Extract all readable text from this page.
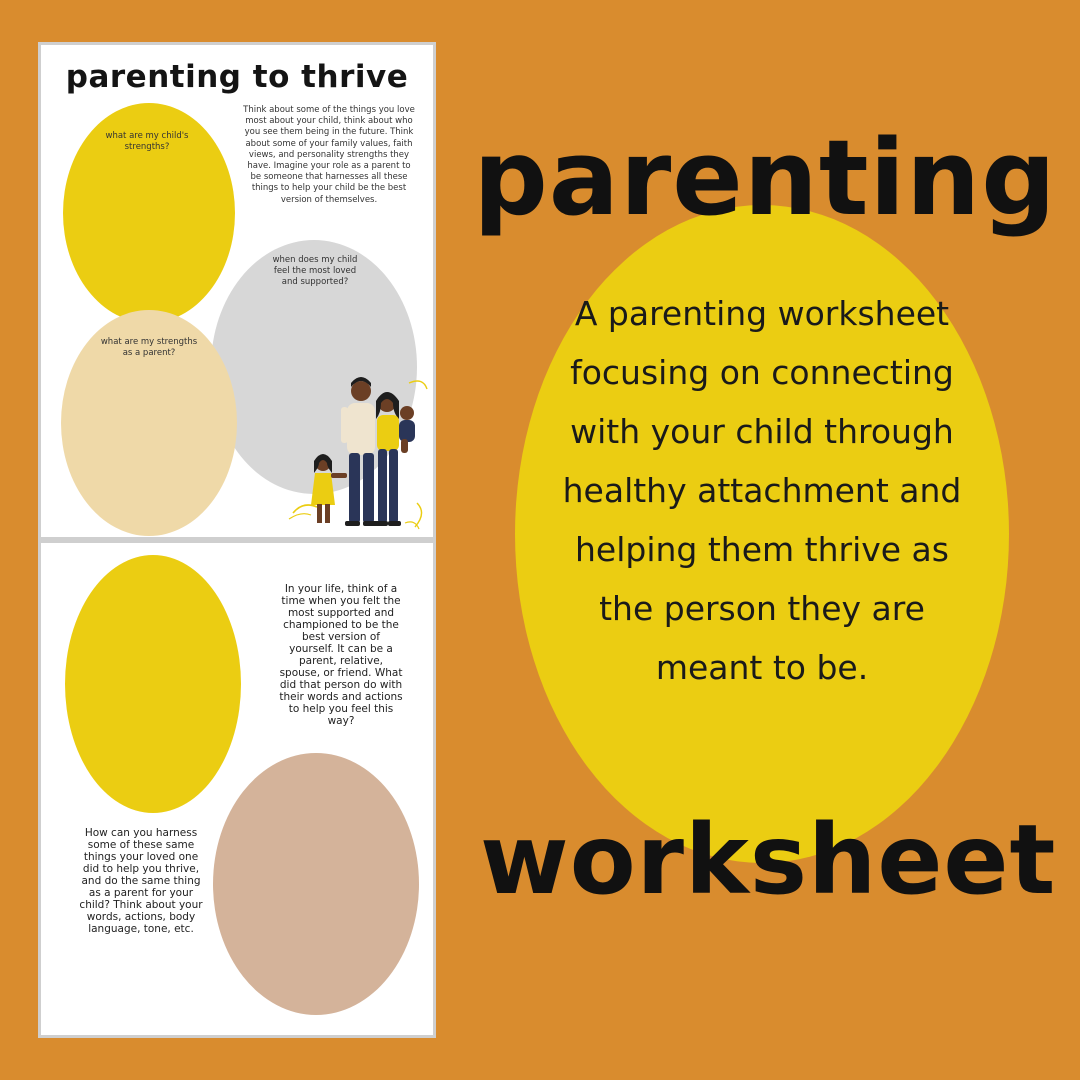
parenting to thrive
what are my child's strengths?
Think about some of the things you love most about your child, think about who you see them being in the future. Think about some of your family values, faith views, and personality strengths they have. Imagine your role as a parent to be someone that harnesses all these things to help your child be the best version of themselves.
when does my child feel the most loved and supported?
what are my strengths as a parent?
In your life, think of a time when you felt the most supported and championed to be the best version of yourself. It can be a parent, relative, spouse, or friend. What did that person do with their words and actions to help you feel this way?
How can you harness some of these same things your loved one did to help you thrive, and do the same thing as a parent for your child? Think about your words, actions, body language, tone, etc.
parenting
A parenting worksheet focusing on connecting with your child through healthy attachment and helping them thrive as the person they are meant to be.
worksheet
